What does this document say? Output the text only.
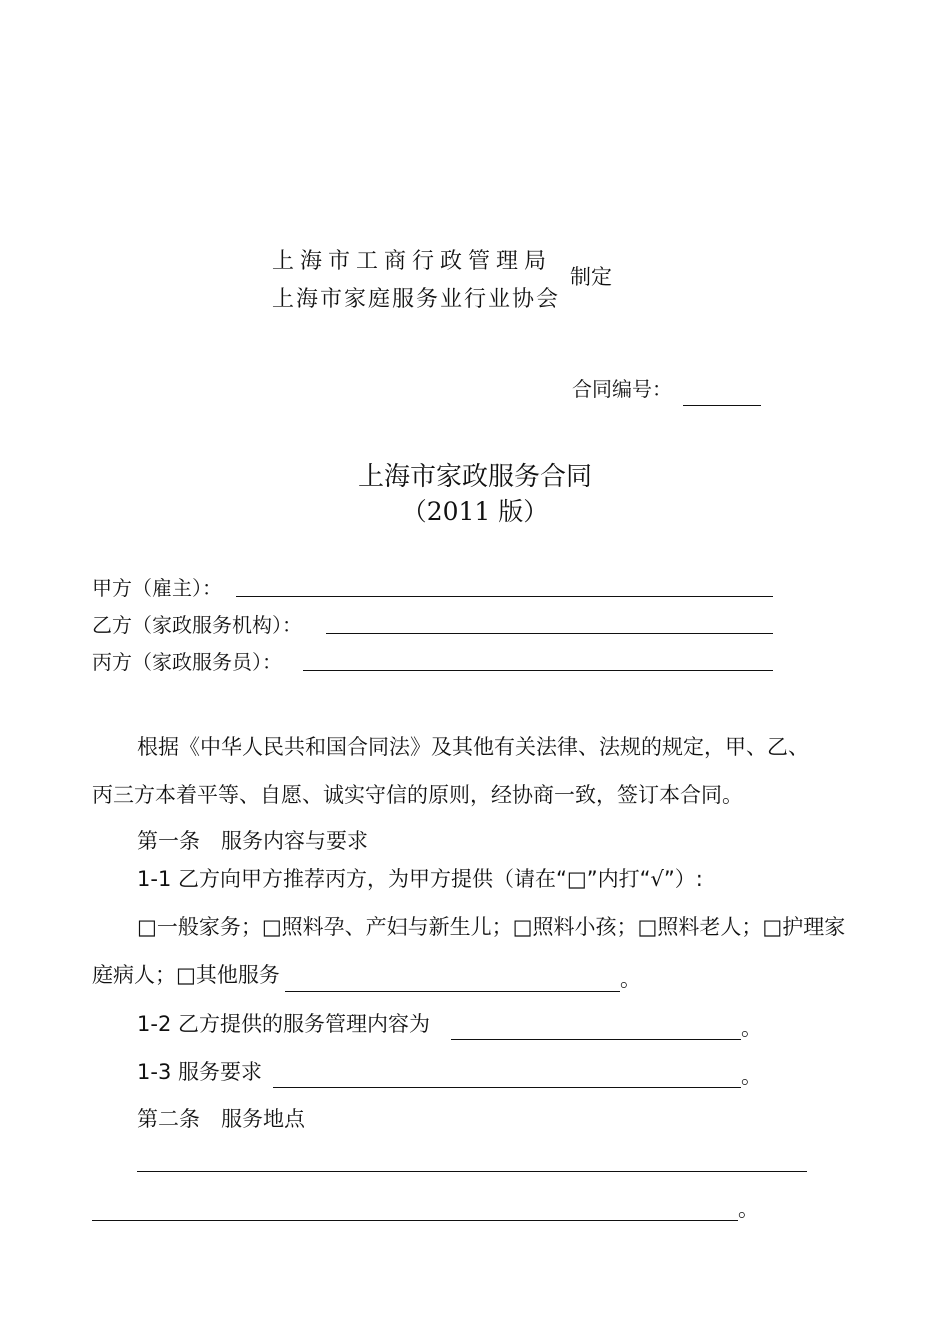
上海市工商行政管理局
上海市家庭服务业行业协会
制定
合同编号：
上海市家政服务合同
（2011 版）
甲方（雇主）：
乙方（家政服务机构）：
丙方（家政服务员）：
根据《中华人民共和国合同法》及其他有关法律、法规的规定，甲、乙、
丙三方本着平等、自愿、诚实守信的原则，经协商一致，签订本合同。
第一条　服务内容与要求
1-1 乙方向甲方推荐丙方，为甲方提供（请在“□”内打“√”）:
□一般家务；□照料孕、产妇与新生儿；□照料小孩；□照料老人；□护理家
庭病人；□其他服务	。
1-2 乙方提供的服务管理内容为	。
1-3 服务要求	。
第二条　服务地点
。
